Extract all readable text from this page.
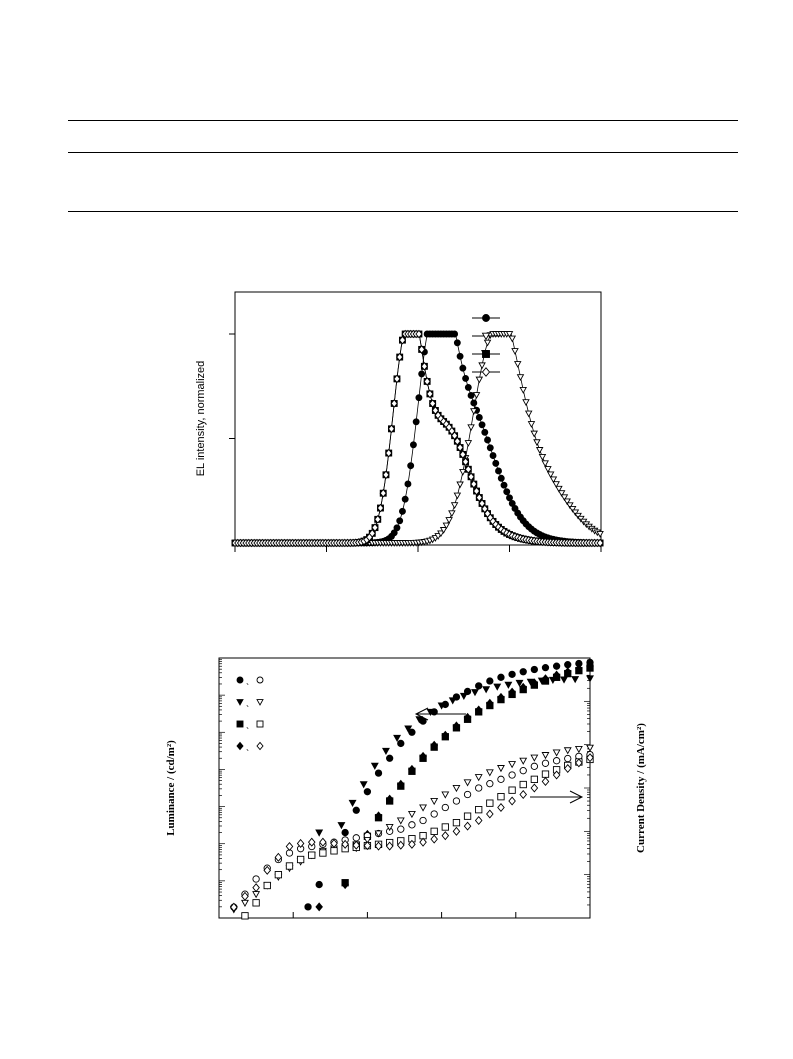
EL intensity, normalized
Luminance / (cd/m²)	Current Density / (mA/cm²)
、
、
、
、
